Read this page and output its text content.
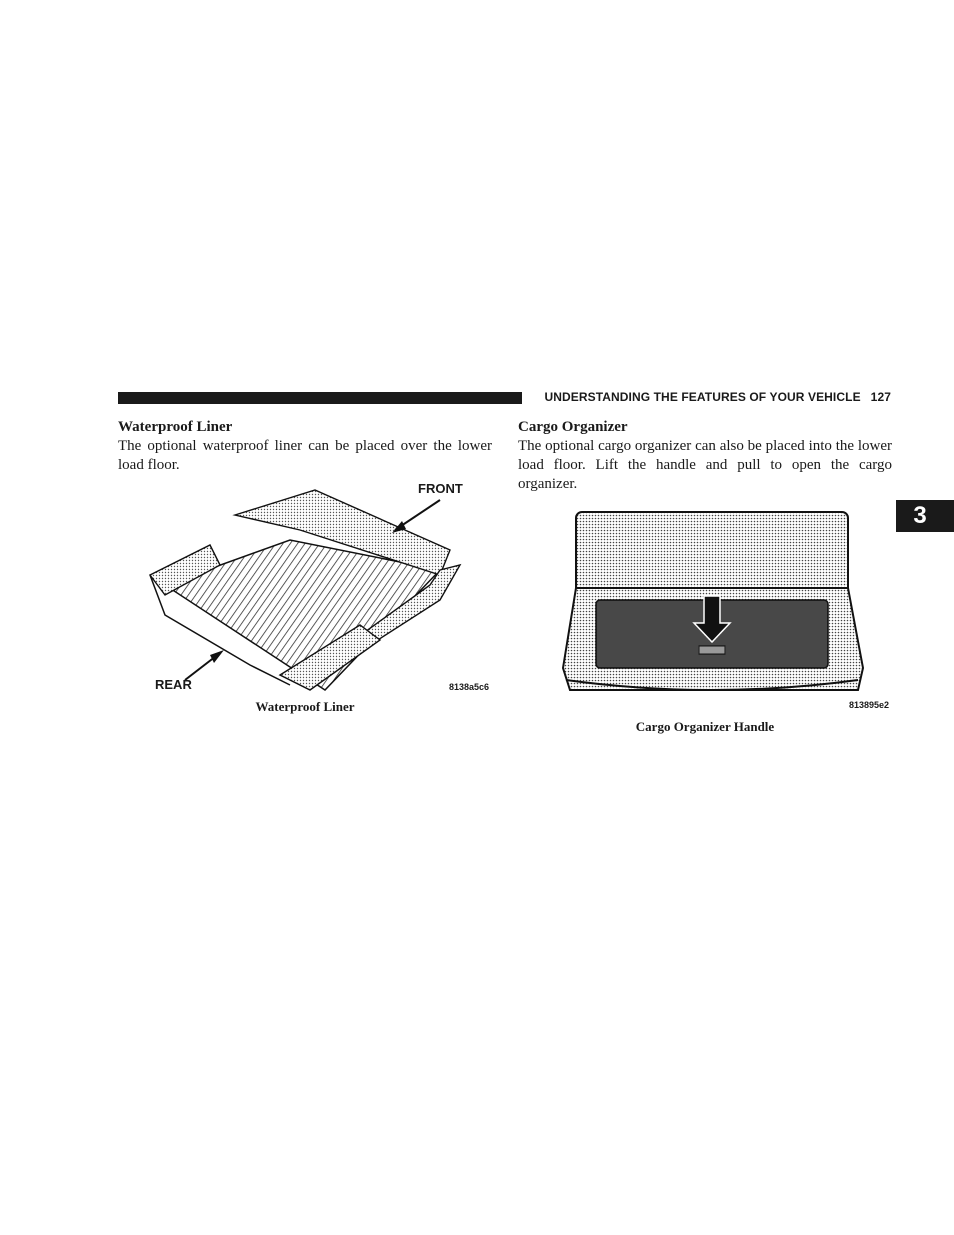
UNDERSTANDING THE FEATURES OF YOUR VEHICLE 127
3
Waterproof Liner
The optional waterproof liner can be placed over the lower load floor.
FRONT
REAR	8138a5c6
Waterproof Liner
Cargo Organizer
The optional cargo organizer can also be placed into the lower load floor. Lift the handle and pull to open the cargo organizer.
813895e2
Cargo Organizer Handle
